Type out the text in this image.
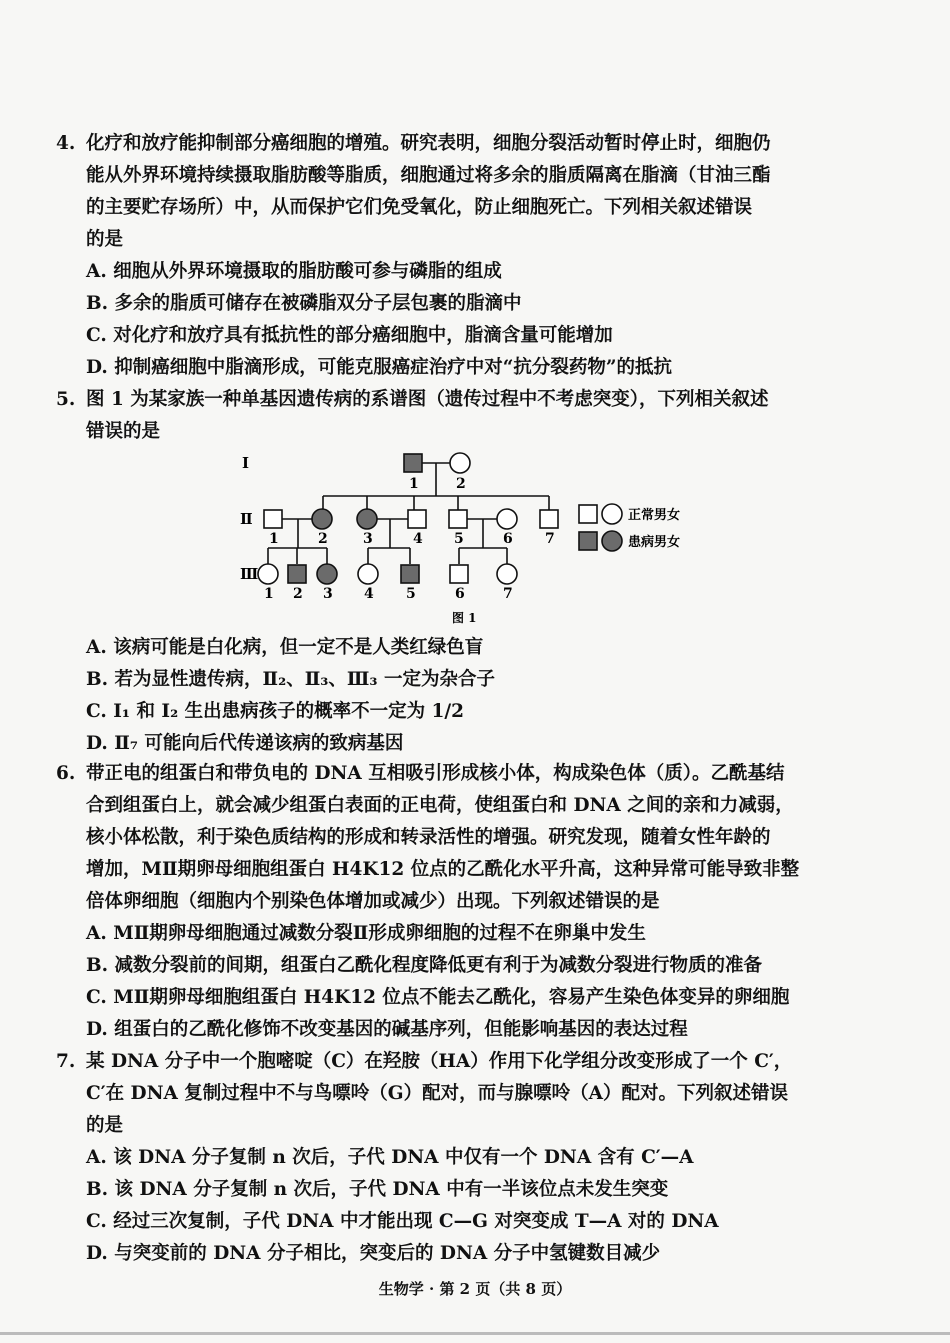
4. 化疗和放疗能抑制部分癌细胞的增殖。研究表明，细胞分裂活动暂时停止时，细胞仍

能从外界环境持续摄取脂肪酸等脂质，细胞通过将多余的脂质隔离在脂滴（甘油三酯

的主要贮存场所）中，从而保护它们免受氧化，防止细胞死亡。下列相关叙述错误

的是

A. 细胞从外界环境摄取的脂肪酸可参与磷脂的组成

B. 多余的脂质可储存在被磷脂双分子层包裹的脂滴中

C. 对化疗和放疗具有抵抗性的部分癌细胞中，脂滴含量可能增加

D. 抑制癌细胞中脂滴形成，可能克服癌症治疗中对“抗分裂药物”的抵抗

5. 图 1 为某家族一种单基因遗传病的系谱图（遗传过程中不考虑突变），下列相关叙述

错误的是

I
Ⅱ
Ⅲ
1	2
1	2	3	4 5	6 7
1 2 3 4 5	6	7
正常男女
患病男女
图 1

A. 该病可能是白化病，但一定不是人类红绿色盲

B. 若为显性遗传病，Ⅱ₂、Ⅱ₃、Ⅲ₃ 一定为杂合子

C. Ⅰ₁ 和 Ⅰ₂ 生出患病孩子的概率不一定为 1/2

D. Ⅱ₇ 可能向后代传递该病的致病基因

6. 带正电的组蛋白和带负电的 DNA 互相吸引形成核小体，构成染色体（质）。乙酰基结

合到组蛋白上，就会减少组蛋白表面的正电荷，使组蛋白和 DNA 之间的亲和力减弱，

核小体松散，利于染色质结构的形成和转录活性的增强。研究发现，随着女性年龄的

增加，MⅡ期卵母细胞组蛋白 H4K12 位点的乙酰化水平升高，这种异常可能导致非整

倍体卵细胞（细胞内个别染色体增加或减少）出现。下列叙述错误的是

A. MⅡ期卵母细胞通过减数分裂Ⅱ形成卵细胞的过程不在卵巢中发生

B. 减数分裂前的间期，组蛋白乙酰化程度降低更有利于为减数分裂进行物质的准备

C. MⅡ期卵母细胞组蛋白 H4K12 位点不能去乙酰化，容易产生染色体变异的卵细胞

D. 组蛋白的乙酰化修饰不改变基因的碱基序列，但能影响基因的表达过程

7. 某 DNA 分子中一个胞嘧啶（C）在羟胺（HA）作用下化学组分改变形成了一个 C′，

C′在 DNA 复制过程中不与鸟嘌呤（G）配对，而与腺嘌呤（A）配对。下列叙述错误

的是

A. 该 DNA 分子复制 n 次后，子代 DNA 中仅有一个 DNA 含有 C′—A

B. 该 DNA 分子复制 n 次后，子代 DNA 中有一半该位点未发生突变

C. 经过三次复制，子代 DNA 中才能出现 C—G 对突变成 T—A 对的 DNA

D. 与突变前的 DNA 分子相比，突变后的 DNA 分子中氢键数目减少

生物学 · 第 2 页（共 8 页）
